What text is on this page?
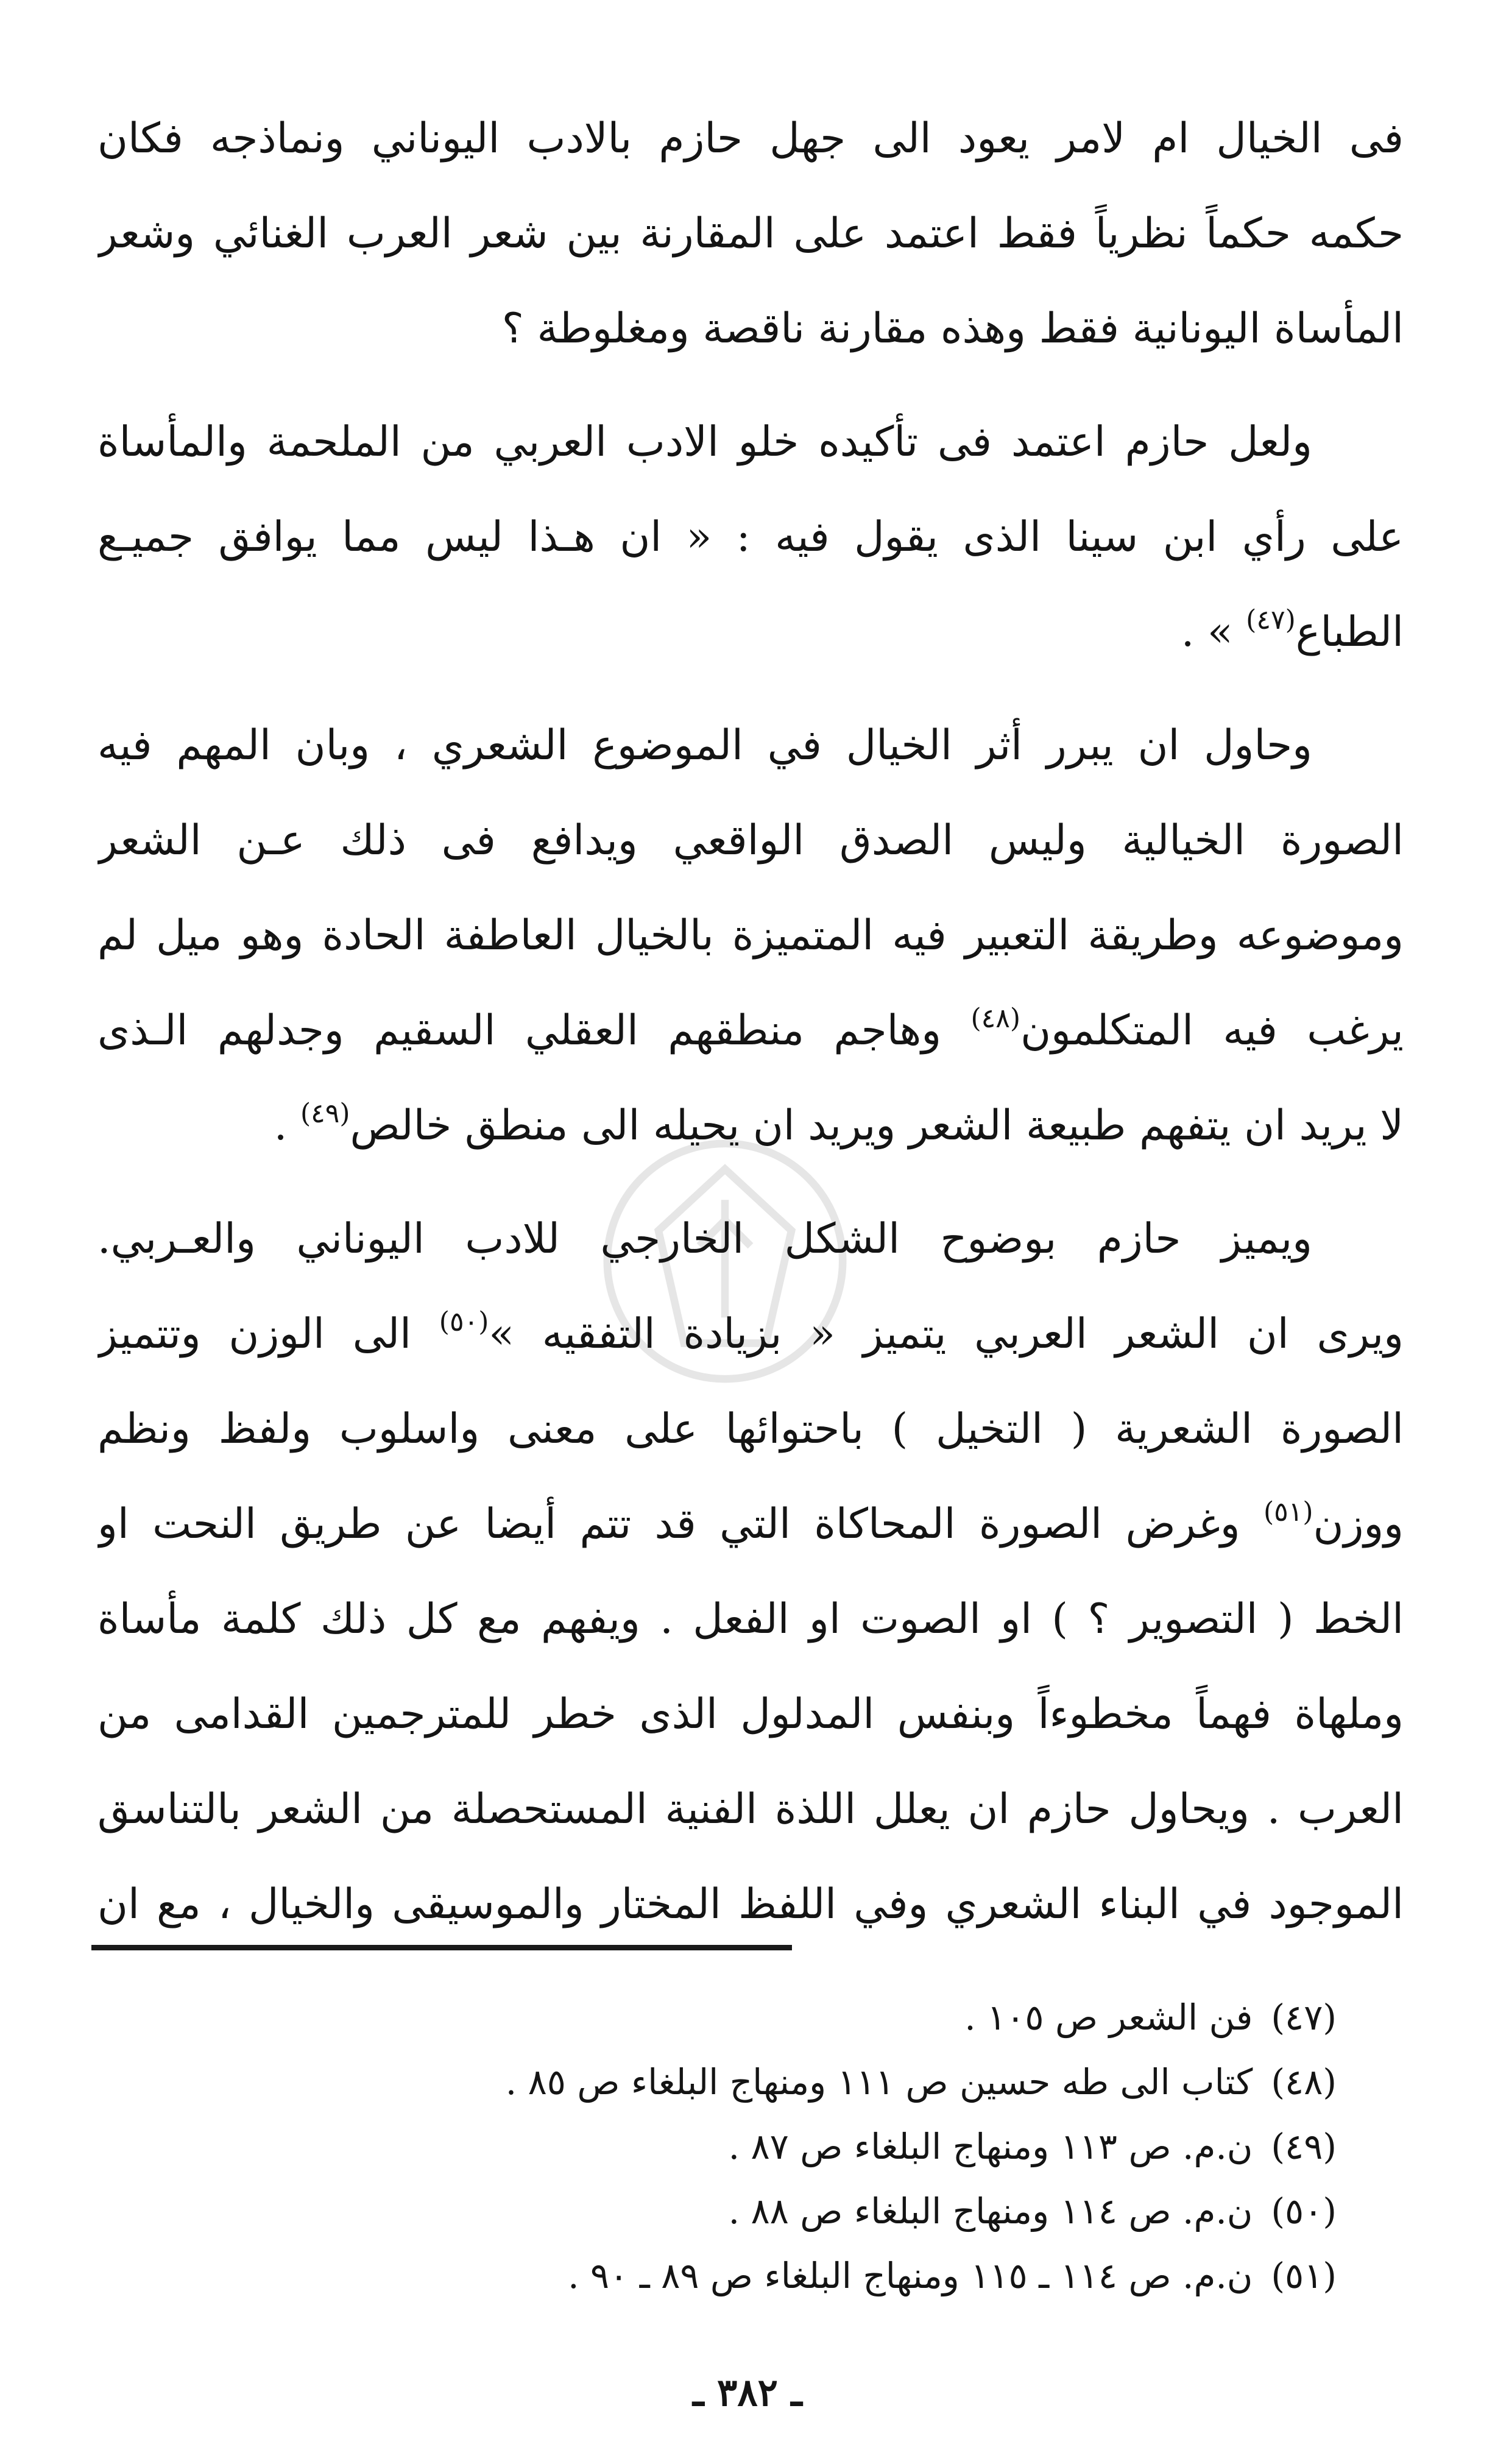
فى الخيال ام لامر يعود الى جهل حازم بالادب اليوناني ونماذجه فكان
حكمه حكماً نظرياً فقط اعتمد على المقارنة بين شعر العرب الغنائي وشعر
المأساة اليونانية فقط وهذه مقارنة ناقصة ومغلوطة ؟
ولعل حازم اعتمد فى تأكيده خلو الادب العربي من الملحمة والمأساة
على رأي ابن سينا الذى يقول فيه : « ان هـذا ليس مما يوافق جميـع
الطباع$^{(٤٧)}$ » .
وحاول ان يبرر أثر الخيال في الموضوع الشعري ، وبان المهم فيه
الصورة الخيالية وليس الصدق الواقعي ويدافع فى ذلك عـن الشعر
وموضوعه وطريقة التعبير فيه المتميزة بالخيال العاطفة الحادة وهو ميل لم
يرغب فيه المتكلمون$^{(٤٨)}$ وهاجم منطقهم العقلي السقيم وجدلهم الـذى
لا يريد ان يتفهم طبيعة الشعر ويريد ان يحيله الى منطق خالص$^{(٤٩)}$ .
ويميز حازم بوضوح الشكل الخارجي للادب اليوناني والعـربي.
ويرى ان الشعر العربي يتميز « بزيادة التفقيه »$^{(٥٠)}$ الى الوزن وتتميز
الصورة الشعرية ( التخيل ) باحتوائها على معنى واسلوب ولفظ ونظم
ووزن$^{(٥١)}$ وغرض الصورة المحاكاة التي قد تتم أيضا عن طريق النحت او
الخط ( التصوير ؟ ) او الصوت او الفعل . ويفهم مع كل ذلك كلمة مأساة
وملهاة فهماً مخطوءاً وبنفس المدلول الذى خطر للمترجمين القدامى من
العرب . ويحاول حازم ان يعلل اللذة الفنية المستحصلة من الشعر بالتناسق
الموجود في البناء الشعري وفي اللفظ المختار والموسيقى والخيال ، مع ان
(٤٧)فن الشعر ص ١٠٥ .
(٤٨)كتاب الى طه حسين ص ١١١ ومنهاج البلغاء ص ٨٥ .
(٤٩)ن.م. ص ١١٣ ومنهاج البلغاء ص ٨٧ .
(٥٠)ن.م. ص ١١٤ ومنهاج البلغاء ص ٨٨ .
(٥١)ن.م. ص ١١٤ ـ ١١٥ ومنهاج البلغاء ص ٨٩ ـ ٩٠ .
ـ ٣٨٢ ـ
